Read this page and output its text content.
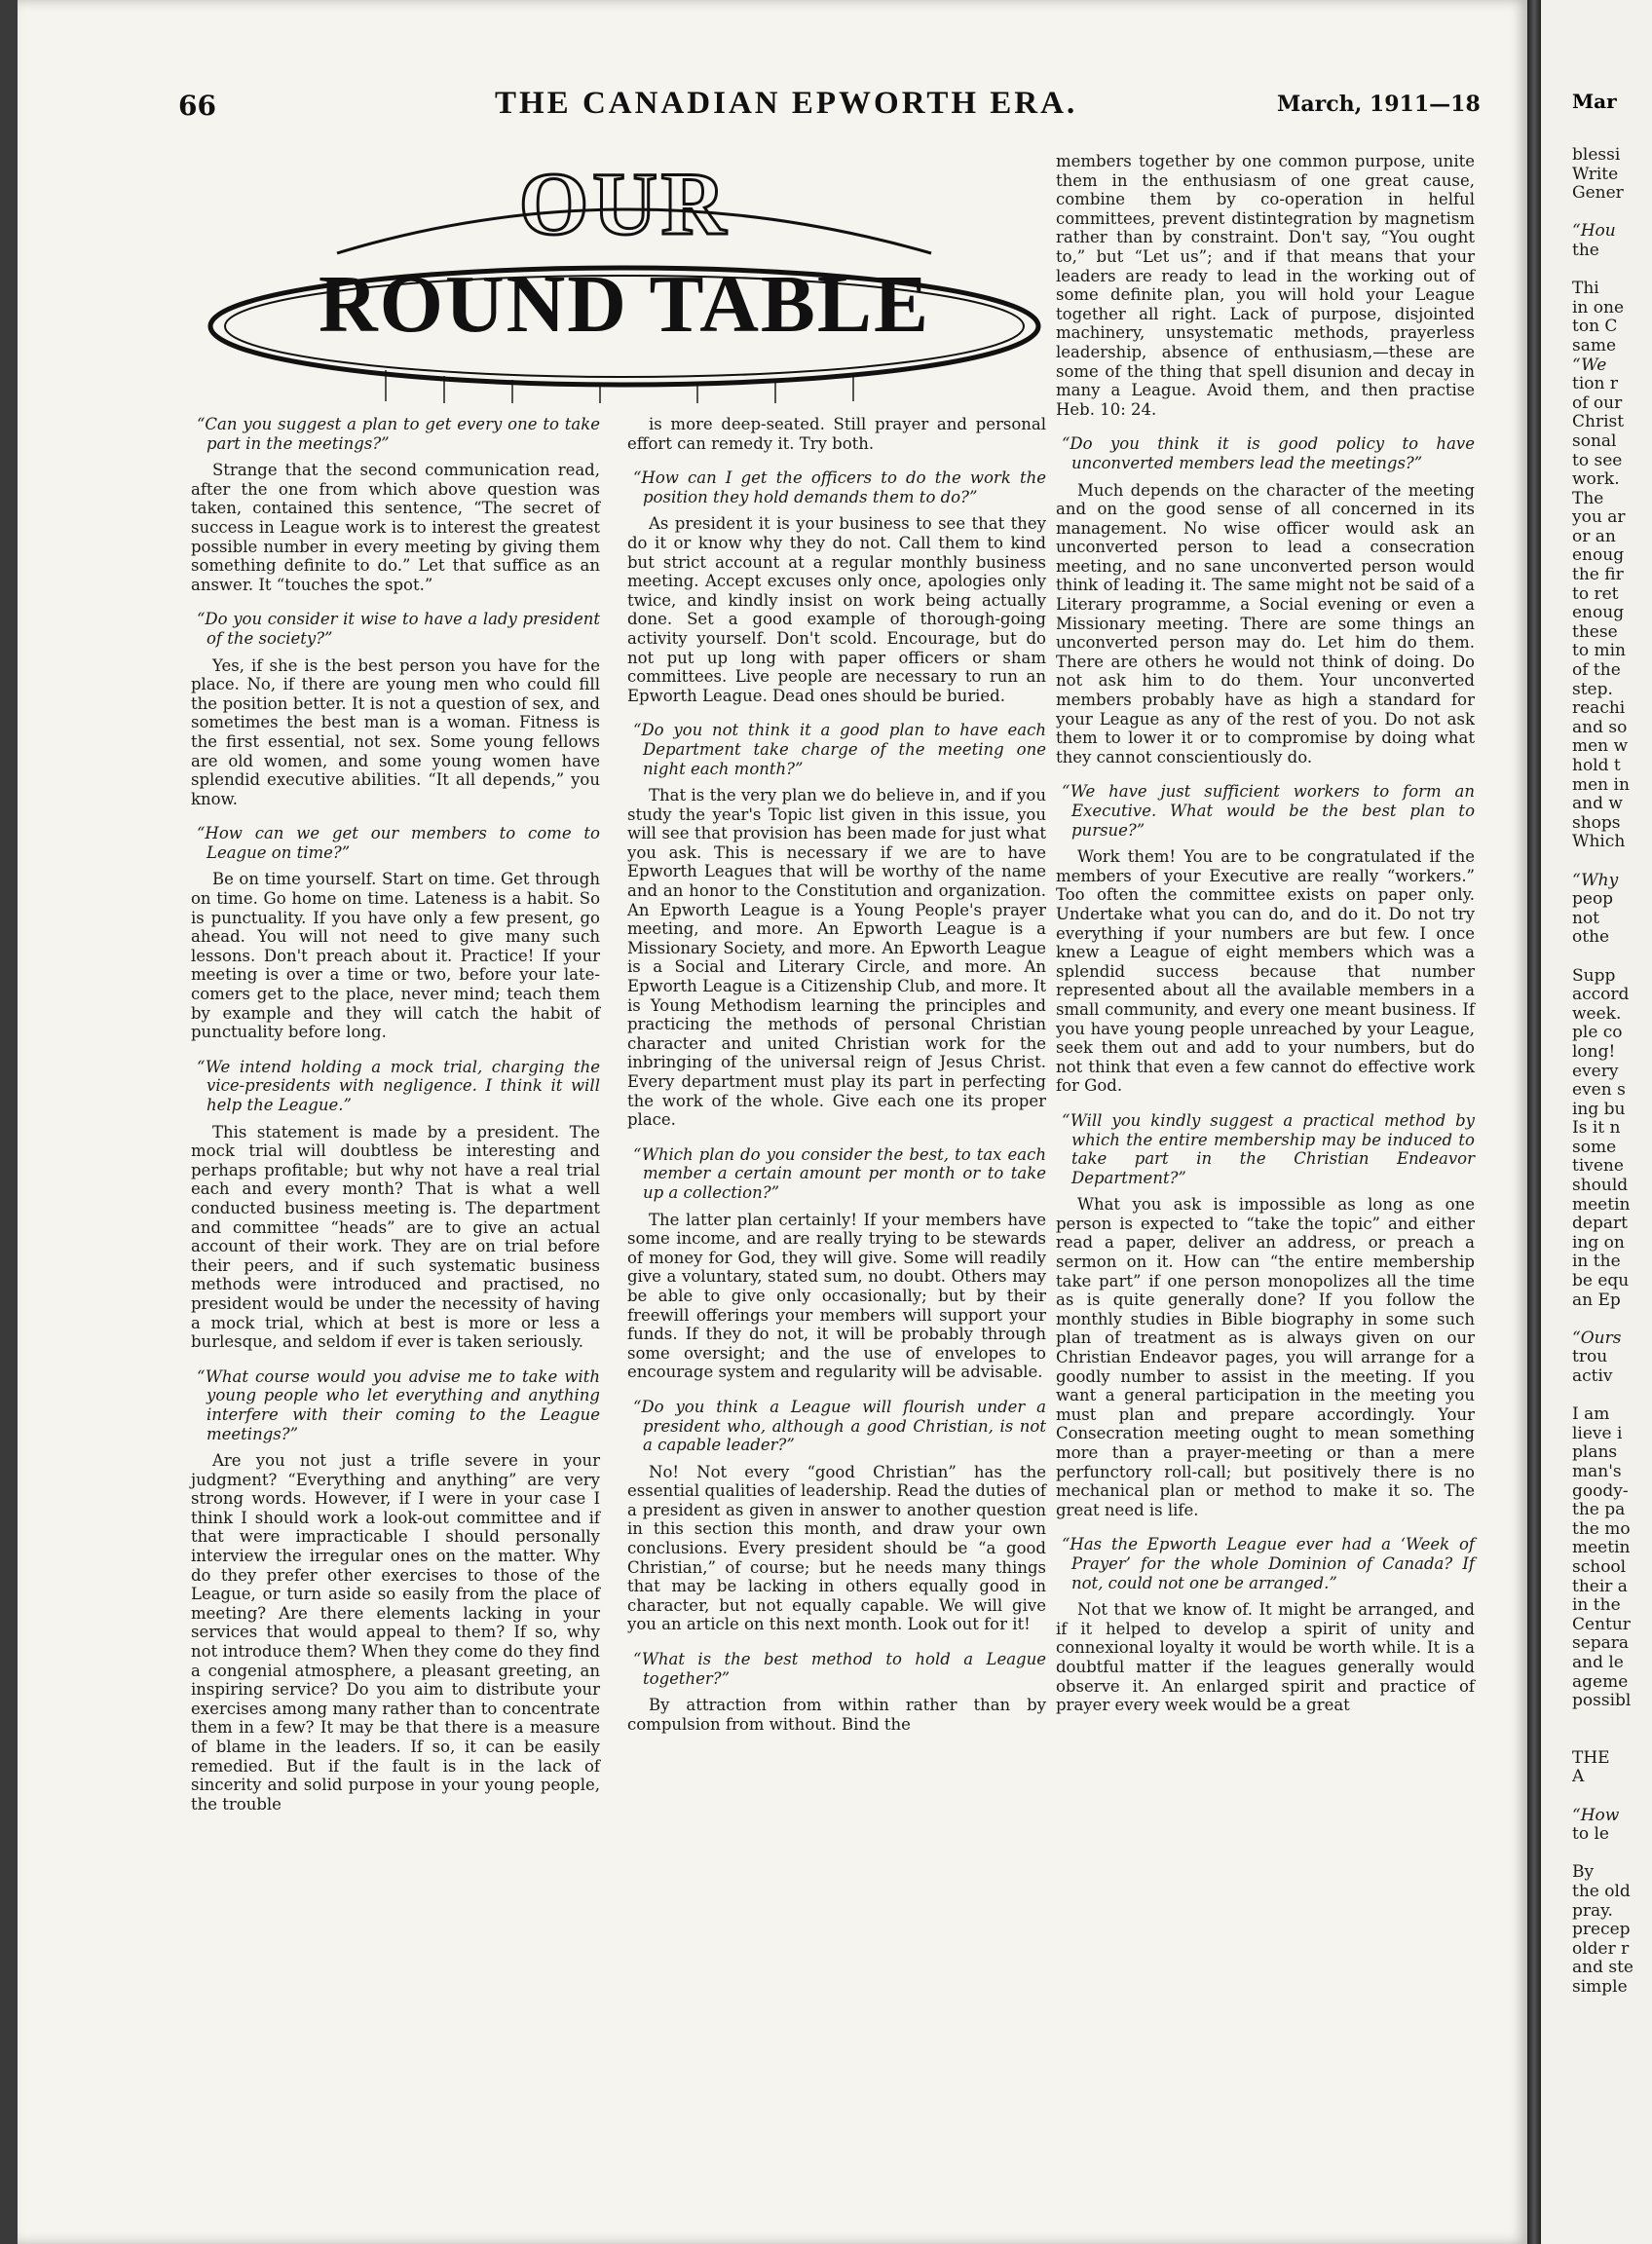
66	THE CANADIAN EPWORTH ERA.	March, 1911—18
OUR
ROUND TABLE

“Can you suggest a plan to get every one to take part in the meetings?”

Strange that the second communication read, after the one from which above question was taken, contained this sentence, “The secret of success in League work is to interest the greatest possible number in every meeting by giving them something definite to do.” Let that suffice as an answer. It “touches the spot.”

“Do you consider it wise to have a lady president of the society?”

Yes, if she is the best person you have for the place. No, if there are young men who could fill the position better. It is not a question of sex, and sometimes the best man is a woman. Fitness is the first essential, not sex. Some young fellows are old women, and some young women have splendid executive abilities. “It all depends,” you know.

“How can we get our members to come to League on time?”

Be on time yourself. Start on time. Get through on time. Go home on time. Lateness is a habit. So is punctuality. If you have only a few present, go ahead. You will not need to give many such lessons. Don't preach about it. Practice! If your meeting is over a time or two, before your late-comers get to the place, never mind; teach them by example and they will catch the habit of punctuality before long.

“We intend holding a mock trial, charging the vice-presidents with negligence. I think it will help the League.”

This statement is made by a president. The mock trial will doubtless be interesting and perhaps profitable; but why not have a real trial each and every month? That is what a well conducted business meeting is. The department and committee “heads” are to give an actual account of their work. They are on trial before their peers, and if such systematic business methods were introduced and practised, no president would be under the necessity of having a mock trial, which at best is more or less a burlesque, and seldom if ever is taken seriously.

“What course would you advise me to take with young people who let everything and anything interfere with their coming to the League meetings?”

Are you not just a trifle severe in your judgment? “Everything and anything” are very strong words. However, if I were in your case I think I should work a look-out committee and if that were impracticable I should personally interview the irregular ones on the matter. Why do they prefer other exercises to those of the League, or turn aside so easily from the place of meeting? Are there elements lacking in your services that would appeal to them? If so, why not introduce them? When they come do they find a congenial atmosphere, a pleasant greeting, an inspiring service? Do you aim to distribute your exercises among many rather than to concentrate them in a few? It may be that there is a measure of blame in the leaders. If so, it can be easily remedied. But if the fault is in the lack of sincerity and solid purpose in your young people, the trouble

is more deep-seated. Still prayer and personal effort can remedy it. Try both.

“How can I get the officers to do the work the position they hold demands them to do?”

As president it is your business to see that they do it or know why they do not. Call them to kind but strict account at a regular monthly business meeting. Accept excuses only once, apologies only twice, and kindly insist on work being actually done. Set a good example of thorough-going activity yourself. Don't scold. Encourage, but do not put up long with paper officers or sham committees. Live people are necessary to run an Epworth League. Dead ones should be buried.

“Do you not think it a good plan to have each Department take charge of the meeting one night each month?”

That is the very plan we do believe in, and if you study the year's Topic list given in this issue, you will see that provision has been made for just what you ask. This is necessary if we are to have Epworth Leagues that will be worthy of the name and an honor to the Constitution and organization. An Epworth League is a Young People's prayer meeting, and more. An Epworth League is a Missionary Society, and more. An Epworth League is a Social and Literary Circle, and more. An Epworth League is a Citizenship Club, and more. It is Young Methodism learning the principles and practicing the methods of personal Christian character and united Christian work for the inbringing of the universal reign of Jesus Christ. Every department must play its part in perfecting the work of the whole. Give each one its proper place.

“Which plan do you consider the best, to tax each member a certain amount per month or to take up a collection?”

The latter plan certainly! If your members have some income, and are really trying to be stewards of money for God, they will give. Some will readily give a voluntary, stated sum, no doubt. Others may be able to give only occasionally; but by their freewill offerings your members will support your funds. If they do not, it will be probably through some oversight; and the use of envelopes to encourage system and regularity will be advisable.

“Do you think a League will flourish under a president who, although a good Christian, is not a capable leader?”

No! Not every “good Christian” has the essential qualities of leadership. Read the duties of a president as given in answer to another question in this section this month, and draw your own conclusions. Every president should be “a good Christian,” of course; but he needs many things that may be lacking in others equally good in character, but not equally capable. We will give you an article on this next month. Look out for it!

“What is the best method to hold a League together?”

By attraction from within rather than by compulsion from without. Bind the

members together by one common purpose, unite them in the enthusiasm of one great cause, combine them by co-operation in helful committees, prevent distintegration by magnetism rather than by constraint. Don't say, “You ought to,” but “Let us”; and if that means that your leaders are ready to lead in the working out of some definite plan, you will hold your League together all right. Lack of purpose, disjointed machinery, unsystematic methods, prayerless leadership, absence of enthusiasm,—these are some of the thing that spell disunion and decay in many a League. Avoid them, and then practise Heb. 10: 24.

“Do you think it is good policy to have unconverted members lead the meetings?”

Much depends on the character of the meeting and on the good sense of all concerned in its management. No wise officer would ask an unconverted person to lead a consecration meeting, and no sane unconverted person would think of leading it. The same might not be said of a Literary programme, a Social evening or even a Missionary meeting. There are some things an unconverted person may do. Let him do them. There are others he would not think of doing. Do not ask him to do them. Your unconverted members probably have as high a standard for your League as any of the rest of you. Do not ask them to lower it or to compromise by doing what they cannot conscientiously do.

“We have just sufficient workers to form an Executive. What would be the best plan to pursue?”

Work them! You are to be congratulated if the members of your Executive are really “workers.” Too often the committee exists on paper only. Undertake what you can do, and do it. Do not try everything if your numbers are but few. I once knew a League of eight members which was a splendid success because that number represented about all the available members in a small community, and every one meant business. If you have young people unreached by your League, seek them out and add to your numbers, but do not think that even a few cannot do effective work for God.

“Will you kindly suggest a practical method by which the entire membership may be induced to take part in the Christian Endeavor Department?”

What you ask is impossible as long as one person is expected to “take the topic” and either read a paper, deliver an address, or preach a sermon on it. How can “the entire membership take part” if one person monopolizes all the time as is quite generally done? If you follow the monthly studies in Bible biography in some such plan of treatment as is always given on our Christian Endeavor pages, you will arrange for a goodly number to assist in the meeting. If you want a general participation in the meeting you must plan and prepare accordingly. Your Consecration meeting ought to mean something more than a prayer-meeting or than a mere perfunctory roll-call; but positively there is no mechanical plan or method to make it so. The great need is life.

“Has the Epworth League ever had a ‘Week of Prayer’ for the whole Dominion of Canada? If not, could not one be arranged.”

Not that we know of. It might be arranged, and if it helped to develop a spirit of unity and connexional loyalty it would be worth while. It is a doubtful matter if the leagues generally would observe it. An enlarged spirit and practice of prayer every week would be a great

Mar
blessi
Write
Gener

“Hou
the

Thi
in one
ton C
same
“We
tion r
of our
Christ
sonal
to see
work.
The
you ar
or an
enoug
the fir
to ret
enoug
these
to min
of the
step.
reachi
and so
men w
hold t
men in
and w
shops
Which

“Why
peop
not
othe

Supp
accord
week.
ple co
long!
every
even s
ing bu
Is it n
some
tivene
should
meetin
depart
ing on
in the
be equ
an Ep

“Ours
trou
activ

I am
lieve i
plans
man's
goody-
the pa
the mo
meetin
school
their a
in the
Centur
separa
and le
ageme
possibl

THE
A

“How
to le

By
the old
pray.
precep
older r
and ste
simple
